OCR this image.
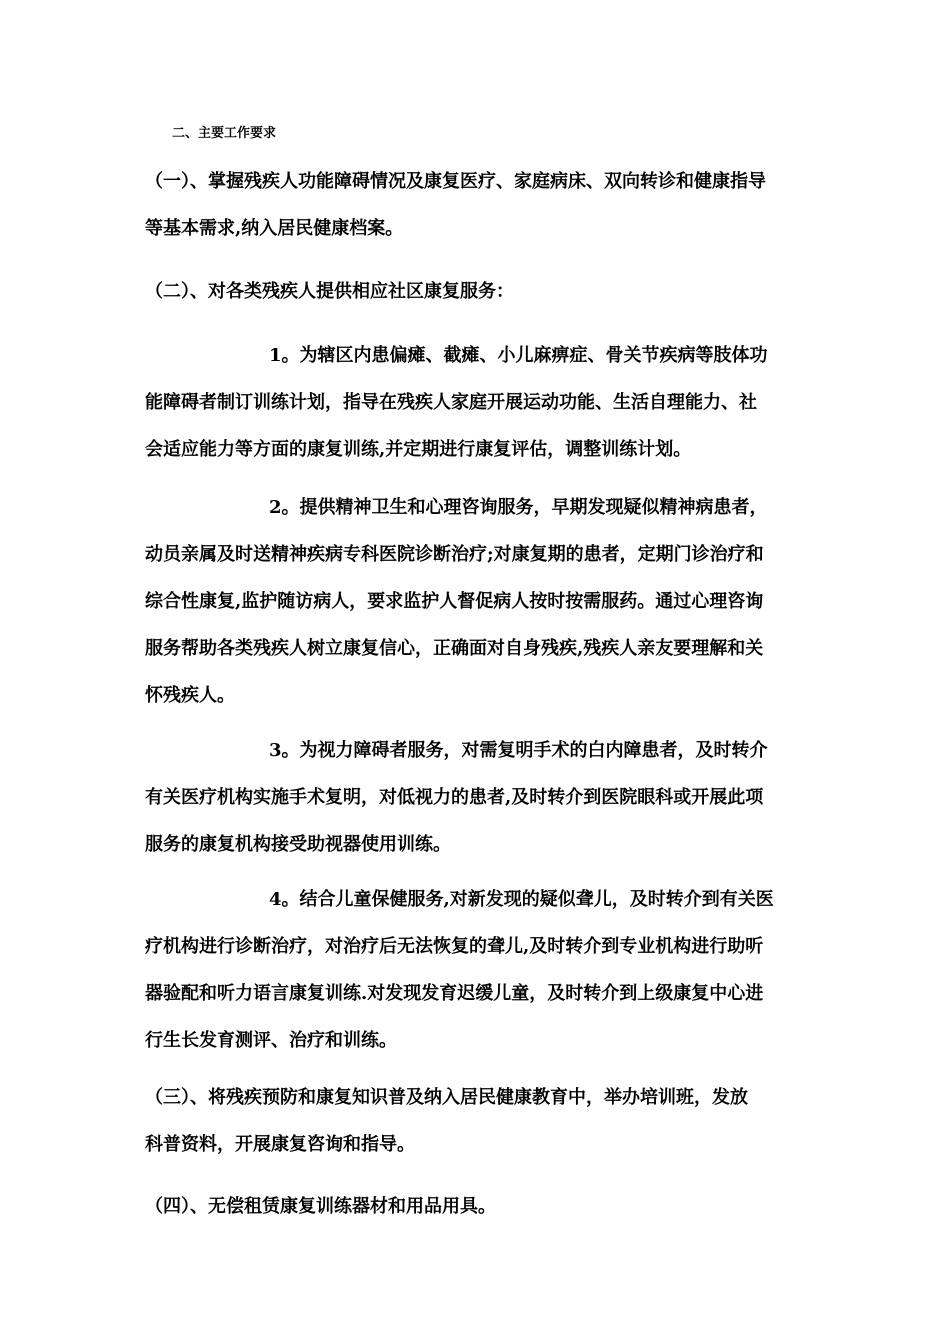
二、主要工作要求
（一）、掌握残疾人功能障碍情况及康复医疗、家庭病床、双向转诊和健康指导
等基本需求,纳入居民健康档案。
（二）、对各类残疾人提供相应社区康复服务：
1。为辖区内患偏瘫、截瘫、小儿麻痹症、骨关节疾病等肢体功
能障碍者制订训练计划，指导在残疾人家庭开展运动功能、生活自理能力、社
会适应能力等方面的康复训练,并定期进行康复评估，调整训练计划。
2。提供精神卫生和心理咨询服务，早期发现疑似精神病患者，
动员亲属及时送精神疾病专科医院诊断治疗;对康复期的患者，定期门诊治疗和
综合性康复,监护随访病人，要求监护人督促病人按时按需服药。通过心理咨询
服务帮助各类残疾人树立康复信心，正确面对自身残疾,残疾人亲友要理解和关
怀残疾人。
3。为视力障碍者服务，对需复明手术的白内障患者，及时转介
有关医疗机构实施手术复明，对低视力的患者,及时转介到医院眼科或开展此项
服务的康复机构接受助视器使用训练。
4。结合儿童保健服务,对新发现的疑似聋儿，及时转介到有关医
疗机构进行诊断治疗，对治疗后无法恢复的聋儿,及时转介到专业机构进行助听
器验配和听力语言康复训练.对发现发育迟缓儿童，及时转介到上级康复中心进
行生长发育测评、治疗和训练。
（三）、将残疾预防和康复知识普及纳入居民健康教育中，举办培训班，发放
科普资料，开展康复咨询和指导。
（四）、无偿租赁康复训练器材和用品用具。
